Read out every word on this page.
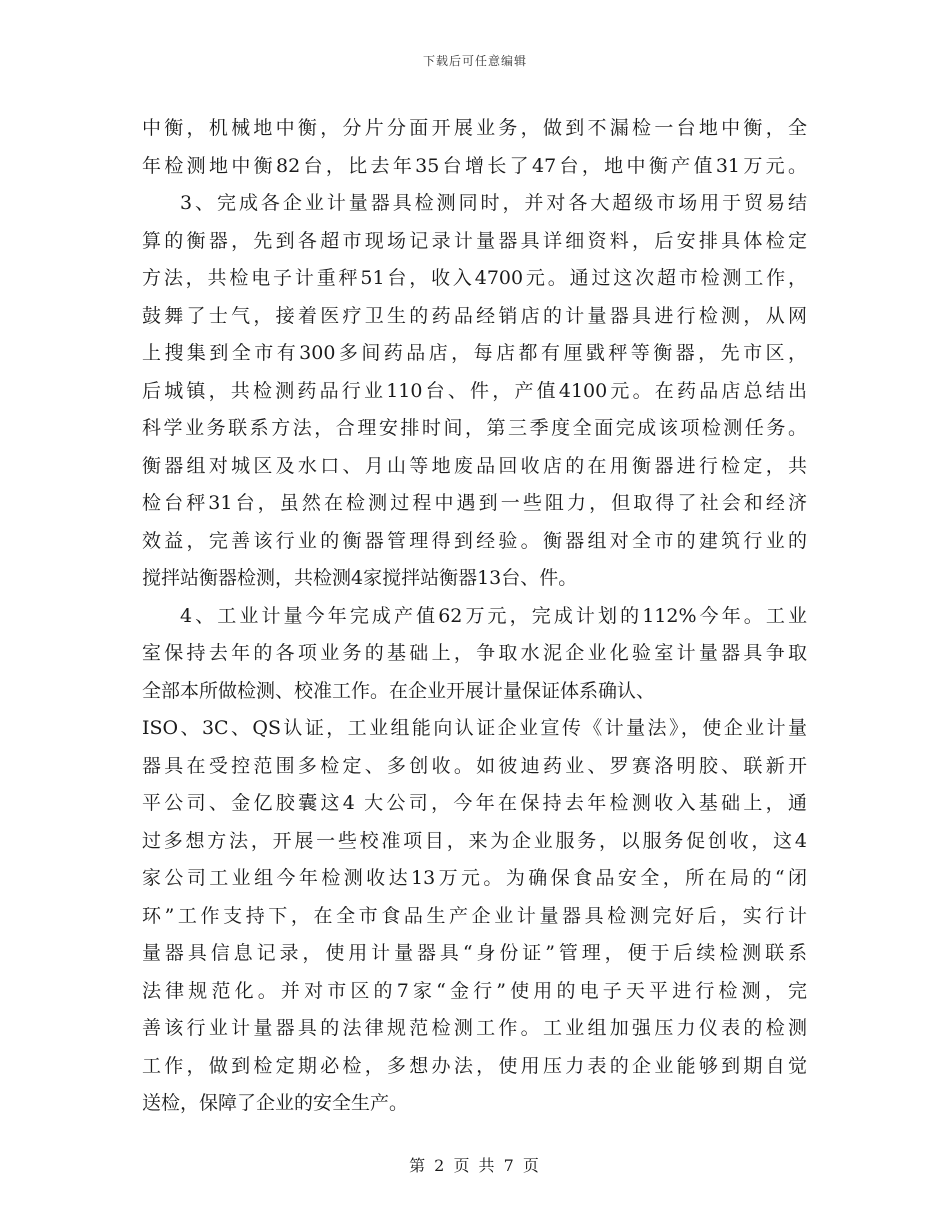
下载后可任意编辑
中衡，机械地中衡，分片分面开展业务，做到不漏检一台地中衡，全
年检测地中衡82台，比去年35台增长了47台，地中衡产值31万元。
3、完成各企业计量器具检测同时，并对各大超级市场用于贸易结
算的衡器，先到各超市现场记录计量器具详细资料，后安排具体检定
方法，共检电子计重秤51台，收入4700元。通过这次超市检测工作，
鼓舞了士气，接着医疗卫生的药品经销店的计量器具进行检测，从网
上搜集到全市有300多间药品店，每店都有厘戥秤等衡器，先市区，
后城镇，共检测药品行业110台、件，产值4100元。在药品店总结出
科学业务联系方法，合理安排时间，第三季度全面完成该项检测任务。
衡器组对城区及水口、月山等地废品回收店的在用衡器进行检定，共
检台秤31台，虽然在检测过程中遇到一些阻力，但取得了社会和经济
效益，完善该行业的衡器管理得到经验。衡器组对全市的建筑行业的
搅拌站衡器检测，共检测4家搅拌站衡器13台、件。
4、工业计量今年完成产值62万元，完成计划的112%今年。工业
室保持去年的各项业务的基础上，争取水泥企业化验室计量器具争取
全部本所做检测、校准工作。在企业开展计量保证体系确认、
ISO、3C、QS认证，工业组能向认证企业宣传《计量法》，使企业计量
器具在受控范围多检定、多创收。如彼迪药业、罗赛洛明胶、联新开
平公司、金亿胶囊这4 大公司，今年在保持去年检测收入基础上，通
过多想方法，开展一些校准项目，来为企业服务，以服务促创收，这4
家公司工业组今年检测收达13万元。为确保食品安全，所在局的“闭
环”工作支持下，在全市食品生产企业计量器具检测完好后，实行计
量器具信息记录，使用计量器具“身份证”管理，便于后续检测联系
法律规范化。并对市区的7家“金行”使用的电子天平进行检测，完
善该行业计量器具的法律规范检测工作。工业组加强压力仪表的检测
工作，做到检定期必检，多想办法，使用压力表的企业能够到期自觉
送检，保障了企业的安全生产。
第 2 页 共 7 页
